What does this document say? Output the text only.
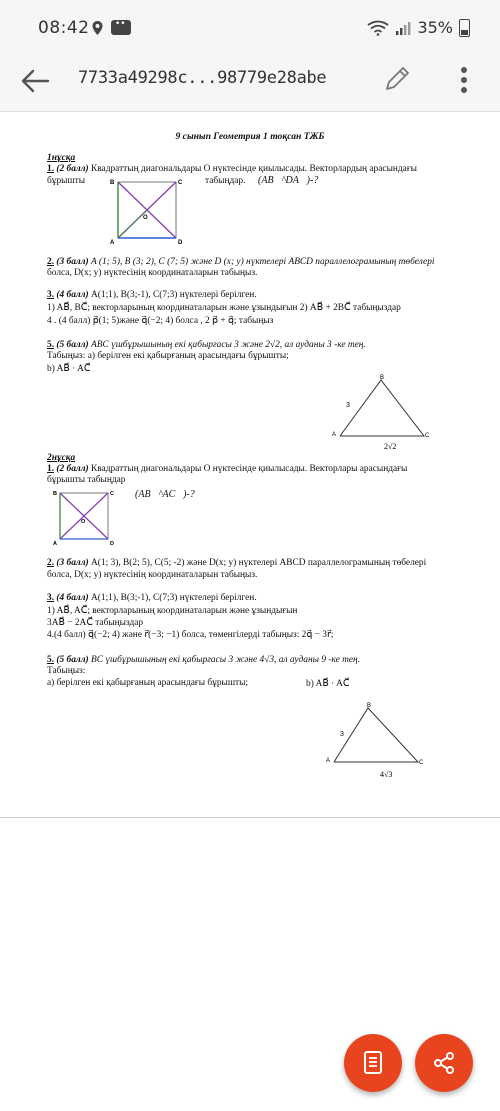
08:42
••	35%
7733a49298c...98779e28abe
9 сынып Геометрия 1 тоқсан ТЖБ
1нұсқа
1. (2 балл) Квадраттың диагональдары О нүктесінде қиылысады. Векторлардың арасындағы
бұрышты	табыңдар. (AB⃗^DA⃗)-?
B	C
A	D
O
2. (3 балл) A (1; 5), B (3; 2), C (7; 5) және D (x; y) нүктелері ABCD параллелограмының төбелері
болса, D(x; y) нүктесінің координаталарын табыңыз.
3. (4 балл) A(1;1), B(3;-1), C(7;3) нүктелері берілген.
1) AB⃗, BC⃗; векторларының координаталарын және ұзындығын 2) AB⃗ + 2BC⃗ табыңыздар
4 . (4 балл) p⃗(1; 5)және q⃗(−2; 4) болса , 2 p⃗ + q⃗; табыңыз
5. (5 балл) ABC үшбұрышының екі қабырғасы 3 және 2√2, ал ауданы 3 -ке тең.
Табыңыз: a) берілген екі қабырғаның арасындағы бұрышты;
b) AB⃗ · AC⃗
B
A	C
3
2√2
2нұсқа
1. (2 балл) Квадраттың диагональдары О нүктесінде қиылысады. Векторлары арасындағы
бұрышты табыңдар
(AB⃗^AC⃗)-?
B	C
A	D
O
2. (3 балл) A(1; 3), B(2; 5), C(5; -2) және D(x; y) нүктелері ABCD параллелограмының төбелері
болса, D(x; y) нүктесінің координаталарын табыңыз.
3. (4 балл) A(1;1), B(3;-1), C(7;3) нүктелері берілген.
1) AB⃗, AC⃗; векторларының координаталарын және ұзындығын
3AB⃗ − 2AC⃗ табыңыздар
4.(4 балл) q⃗(−2; 4) және r⃗(−3; −1) болса, төменгілерді табыңыз: 2q⃗ − 3r⃗;
5. (5 балл) BC үшбұрышының екі қабырғасы 3 және 4√3, ал ауданы 9 -ке тең.
Табыңыз:
a) берілген екі қабырғаның арасындағы бұрышты;	b) AB⃗ · AC⃗
B
A	C
3
4√3
